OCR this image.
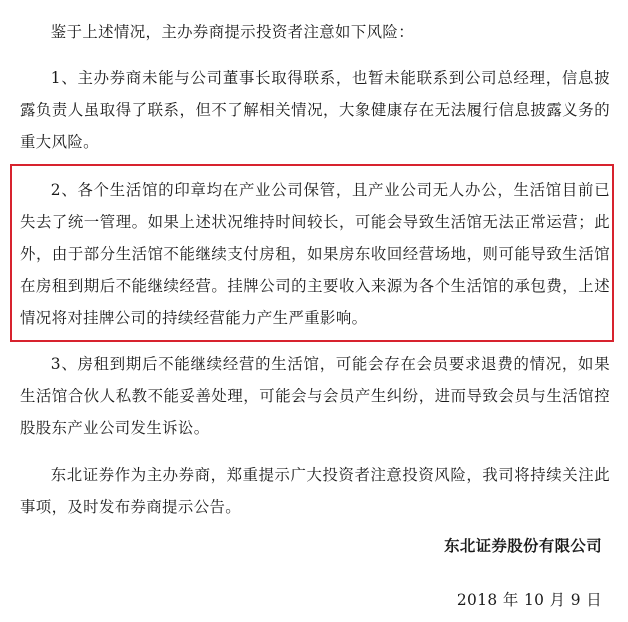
鉴于上述情况，主办券商提示投资者注意如下风险：

1、主办券商未能与公司董事长取得联系，也暂未能联系到公司总经理，信息披露负责人虽取得了联系，但不了解相关情况，大象健康存在无法履行信息披露义务的重大风险。

2、各个生活馆的印章均在产业公司保管，且产业公司无人办公，生活馆目前已失去了统一管理。如果上述状况维持时间较长，可能会导致生活馆无法正常运营；此外，由于部分生活馆不能继续支付房租，如果房东收回经营场地，则可能导致生活馆在房租到期后不能继续经营。挂牌公司的主要收入来源为各个生活馆的承包费，上述情况将对挂牌公司的持续经营能力产生严重影响。

3、房租到期后不能继续经营的生活馆，可能会存在会员要求退费的情况，如果生活馆合伙人私教不能妥善处理，可能会与会员产生纠纷，进而导致会员与生活馆控股股东产业公司发生诉讼。

东北证券作为主办券商，郑重提示广大投资者注意投资风险，我司将持续关注此事项，及时发布券商提示公告。

东北证券股份有限公司
2018 年 10 月 9 日
